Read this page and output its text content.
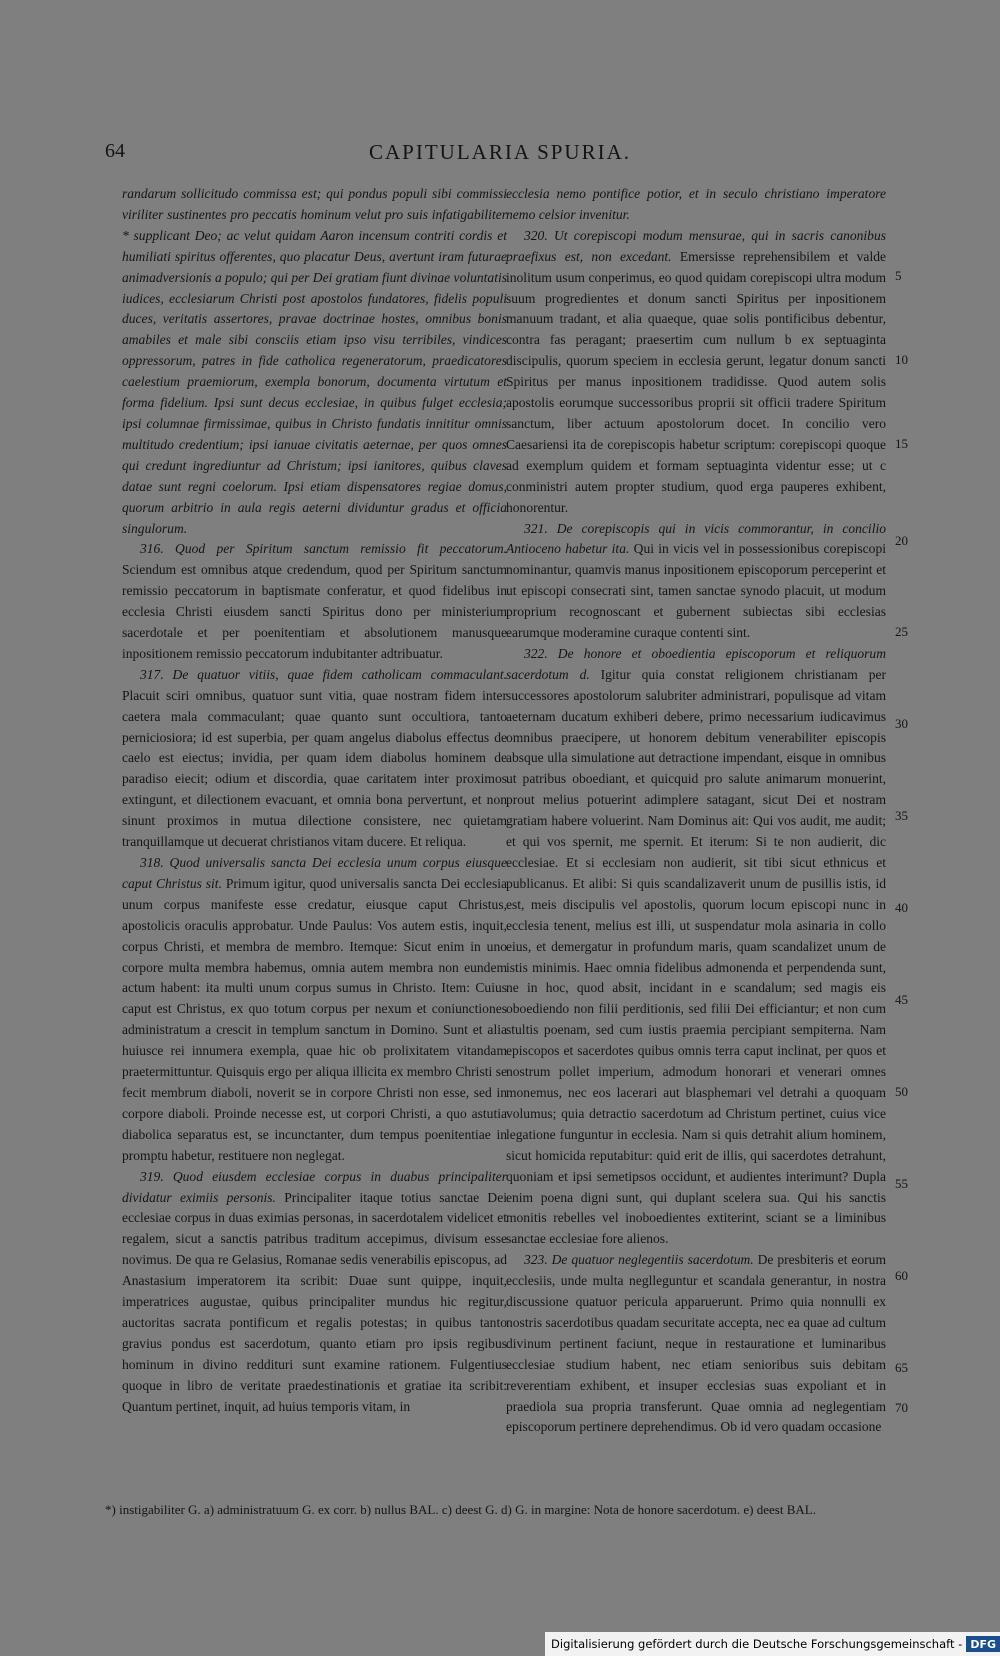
64	CAPITULARIA SPURIA.

randarum sollicitudo commissa est; qui pondus populi sibi commissi viriliter sustinentes pro peccatis hominum velut pro suis infatigabiliter * supplicant Deo; ac velut quidam Aaron incensum contriti cordis et humiliati spiritus offerentes, quo placatur Deus, avertunt iram futurae animadversionis a populo; qui per Dei gratiam fiunt divinae voluntatis iudices, ecclesiarum Christi post apostolos fundatores, fidelis populi duces, veritatis assertores, pravae doctrinae hostes, omnibus bonis amabiles et male sibi consciis etiam ipso visu terribiles, vindices oppressorum, patres in fide catholica regeneratorum, praedicatores caelestium praemiorum, exempla bonorum, documenta virtutum et forma fidelium. Ipsi sunt decus ecclesiae, in quibus fulget ecclesia; ipsi columnae firmissimae, quibus in Christo fundatis innititur omnis multitudo credentium; ipsi ianuae civitatis aeternae, per quos omnes qui credunt ingrediuntur ad Christum; ipsi ianitores, quibus claves datae sunt regni coelorum. Ipsi etiam dispensatores regiae domus, quorum arbitrio in aula regis aeterni dividuntur gradus et officia singulorum.

316. Quod per Spiritum sanctum remissio fit peccatorum. Sciendum est omnibus atque credendum, quod per Spiritum sanctum remissio peccatorum in baptismate conferatur, et quod fidelibus in ecclesia Christi eiusdem sancti Spiritus dono per ministerium sacerdotale et per poenitentiam et absolutionem manusque inpositionem remissio peccatorum indubitanter adtribuatur.

317. De quatuor vitiis, quae fidem catholicam commaculant. Placuit sciri omnibus, quatuor sunt vitia, quae nostram fidem inter caetera mala commaculant; quae quanto sunt occultiora, tanto perniciosiora; id est superbia, per quam angelus diabolus effectus de caelo est eiectus; invidia, per quam idem diabolus hominem de paradiso eiecit; odium et discordia, quae caritatem inter proximos extingunt, et dilectionem evacuant, et omnia bona pervertunt, et non sinunt proximos in mutua dilectione consistere, nec quietam tranquillamque ut decuerat christianos vitam ducere. Et reliqua.

318. Quod universalis sancta Dei ecclesia unum corpus eiusque caput Christus sit. Primum igitur, quod universalis sancta Dei ecclesia unum corpus manifeste esse credatur, eiusque caput Christus, apostolicis oraculis approbatur. Unde Paulus: Vos autem estis, inquit, corpus Christi, et membra de membro. Itemque: Sicut enim in uno corpore multa membra habemus, omnia autem membra non eundem actum habent: ita multi unum corpus sumus in Christo. Item: Cuius caput est Christus, ex quo totum corpus per nexum et coniunctiones administratum a crescit in templum sanctum in Domino. Sunt et alia huiusce rei innumera exempla, quae hic ob prolixitatem vitandam praetermittuntur. Quisquis ergo per aliqua illicita ex membro Christi se fecit membrum diaboli, noverit se in corpore Christi non esse, sed in corpore diaboli. Proinde necesse est, ut corpori Christi, a quo astutia diabolica separatus est, se incunctanter, dum tempus poenitentiae in promptu habetur, restituere non neglegat.

319. Quod eiusdem ecclesiae corpus in duabus principaliter dividatur eximiis personis. Principaliter itaque totius sanctae Dei ecclesiae corpus in duas eximias personas, in sacerdotalem videlicet et regalem, sicut a sanctis patribus traditum accepimus, divisum esse novimus. De qua re Gelasius, Romanae sedis venerabilis episcopus, ad Anastasium imperatorem ita scribit: Duae sunt quippe, inquit, imperatrices augustae, quibus principaliter mundus hic regitur, auctoritas sacrata pontificum et regalis potestas; in quibus tanto gravius pondus est sacerdotum, quanto etiam pro ipsis regibus hominum in divino reddituri sunt examine rationem. Fulgentius quoque in libro de veritate praedestinationis et gratiae ita scribit: Quantum pertinet, inquit, ad huius temporis vitam, in

ecclesia nemo pontifice potior, et in seculo christiano imperatore nemo celsior invenitur.

320. Ut corepiscopi modum mensurae, qui in sacris canonibus praefixus est, non excedant. Emersisse reprehensibilem et valde inolitum usum conperimus, eo quod quidam corepiscopi ultra modum suum progredientes et donum sancti Spiritus per inpositionem manuum tradant, et alia quaeque, quae solis pontificibus debentur, contra fas peragant; praesertim cum nullum b ex septuaginta discipulis, quorum speciem in ecclesia gerunt, legatur donum sancti Spiritus per manus inpositionem tradidisse. Quod autem solis apostolis eorumque successoribus proprii sit officii tradere Spiritum sanctum, liber actuum apostolorum docet. In concilio vero Caesariensi ita de corepiscopis habetur scriptum: corepiscopi quoque ad exemplum quidem et formam septuaginta videntur esse; ut c conministri autem propter studium, quod erga pauperes exhibent, honorentur.

321. De corepiscopis qui in vicis commorantur, in concilio Antioceno habetur ita. Qui in vicis vel in possessionibus corepiscopi nominantur, quamvis manus inpositionem episcoporum perceperint et ut episcopi consecrati sint, tamen sanctae synodo placuit, ut modum proprium recognoscant et gubernent subiectas sibi ecclesias earumque moderamine curaque contenti sint.

322. De honore et oboedientia episcoporum et reliquorum sacerdotum d. Igitur quia constat religionem christianam per successores apostolorum salubriter administrari, populisque ad vitam aeternam ducatum exhiberi debere, primo necessarium iudicavimus omnibus praecipere, ut honorem debitum venerabiliter episcopis absque ulla simulatione aut detractione impendant, eisque in omnibus ut patribus oboediant, et quicquid pro salute animarum monuerint, prout melius potuerint adimplere satagant, sicut Dei et nostram gratiam habere voluerint. Nam Dominus ait: Qui vos audit, me audit; et qui vos spernit, me spernit. Et iterum: Si te non audierit, dic ecclesiae. Et si ecclesiam non audierit, sit tibi sicut ethnicus et publicanus. Et alibi: Si quis scandalizaverit unum de pusillis istis, id est, meis discipulis vel apostolis, quorum locum episcopi nunc in ecclesia tenent, melius est illi, ut suspendatur mola asinaria in collo eius, et demergatur in profundum maris, quam scandalizet unum de istis minimis. Haec omnia fidelibus admonenda et perpendenda sunt, ne in hoc, quod absit, incidant in e scandalum; sed magis eis oboediendo non filii perditionis, sed filii Dei efficiantur; et non cum stultis poenam, sed cum iustis praemia percipiant sempiterna. Nam episcopos et sacerdotes quibus omnis terra caput inclinat, per quos et nostrum pollet imperium, admodum honorari et venerari omnes monemus, nec eos lacerari aut blasphemari vel detrahi a quoquam volumus; quia detractio sacerdotum ad Christum pertinet, cuius vice legatione funguntur in ecclesia. Nam si quis detrahit alium hominem, sicut homicida reputabitur: quid erit de illis, qui sacerdotes detrahunt, quoniam et ipsi semetipsos occidunt, et audientes interimunt? Dupla enim poena digni sunt, qui duplant scelera sua. Qui his sanctis monitis rebelles vel inoboedientes extiterint, sciant se a liminibus sanctae ecclesiae fore alienos.

323. De quatuor neglegentiis sacerdotum. De presbiteris et eorum ecclesiis, unde multa neglleguntur et scandala generantur, in nostra discussione quatuor pericula apparuerunt. Primo quia nonnulli ex nostris sacerdotibus quadam securitate accepta, nec ea quae ad cultum divinum pertinent faciunt, neque in restauratione et luminaribus ecclesiae studium habent, nec etiam senioribus suis debitam reverentiam exhibent, et insuper ecclesias suas expoliant et in praediola sua propria transferunt. Quae omnia ad neglegentiam episcoporum pertinere deprehendimus. Ob id vero quadam occasione

5
10
15
20
25
30
35
40
45
50
55
60
65
70
*) instigabiliter G. a) administratuum G. ex corr. b) nullus BAL. c) deest G. d) G. in margine: Nota de honore sacerdotum. e) deest BAL.
Digitalisierung gefördert durch die Deutsche Forschungsgemeinschaft - DFG
